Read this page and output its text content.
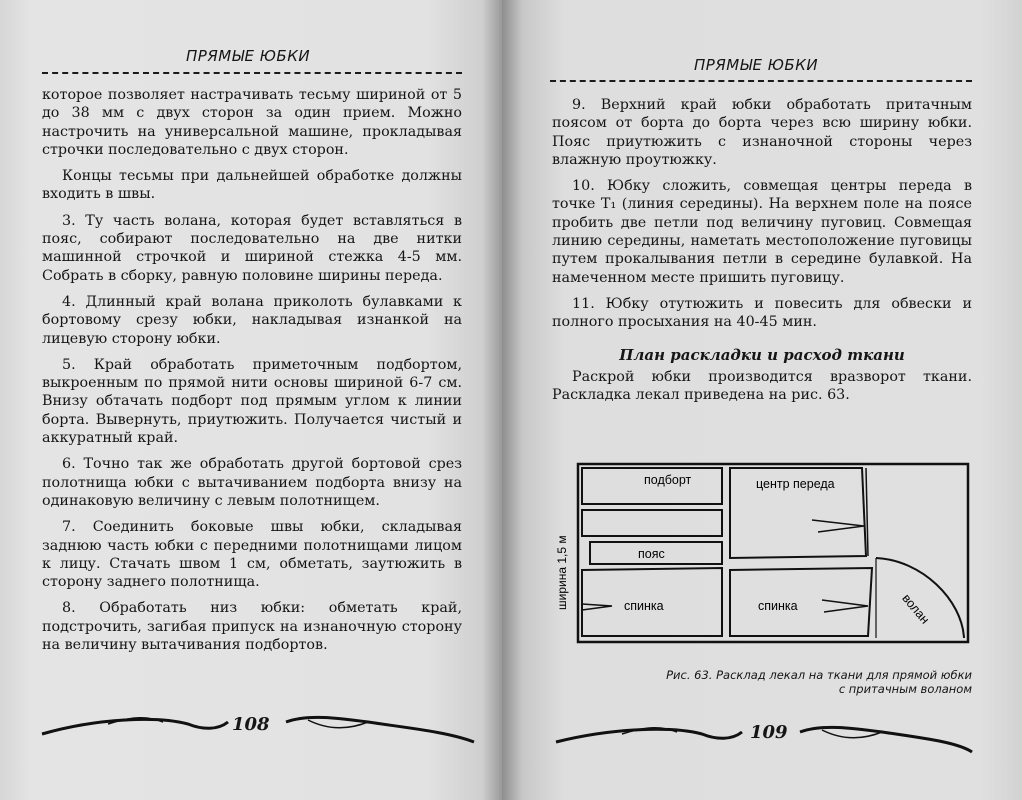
ПРЯМЫЕ ЮБКИ

которое позволяет настрачивать тесьму шириной от 5 до 38 мм с двух сторон за один прием. Можно настрочить на универсальной машине, прокладывая строчки последовательно с двух сторон.

Концы тесьмы при дальнейшей обработке должны входить в швы.

3. Ту часть волана, которая будет вставляться в пояс, собирают последовательно на две нитки машинной строчкой и шириной стежка 4-5 мм. Собрать в сборку, равную половине ширины переда.

4. Длинный край волана приколоть булавками к бортовому срезу юбки, накладывая изнанкой на лицевую сторону юбки.

5. Край обработать приметочным подбортом, выкроенным по прямой нити основы шириной 6-7 см. Внизу обтачать подборт под прямым углом к линии борта. Вывернуть, приутюжить. Получается чистый и аккуратный край.

6. Точно так же обработать другой бортовой срез полотнища юбки с вытачиванием подборта внизу на одинаковую величину с левым полотнищем.

7. Соединить боковые швы юбки, складывая заднюю часть юбки с передними полотнищами лицом к лицу. Стачать швом 1 см, обметать, заутюжить в сторону заднего полотнища.

8. Обработать низ юбки: обметать край, подстрочить, загибая припуск на изнаночную сторону на величину вытачивания подбортов.

108
ПРЯМЫЕ ЮБКИ

9. Верхний край юбки обработать притачным поясом от борта до борта через всю ширину юбки. Пояс приутюжить с изнаночной стороны через влажную проутюжку.

10. Юбку сложить, совмещая центры переда в точке T₁ (линия середины). На верхнем поле на поясе пробить две петли под величину пуговиц. Совмещая линию середины, наметать местоположение пуговицы путем прокалывания петли в середине булавкой. На намеченном месте пришить пуговицу.

11. Юбку отутюжить и повесить для обвески и полного просыхания на 40-45 мин.

План раскладки и расход ткани

Раскрой юбки производится вразворот ткани. Раскладка лекал приведена на рис. 63.

подборт	центр переда
пояс
спинка	спинка	волан
ширина 1,5 м
Рис. 63. Расклад лекал на ткани для прямой юбки
с притачным воланом
109
